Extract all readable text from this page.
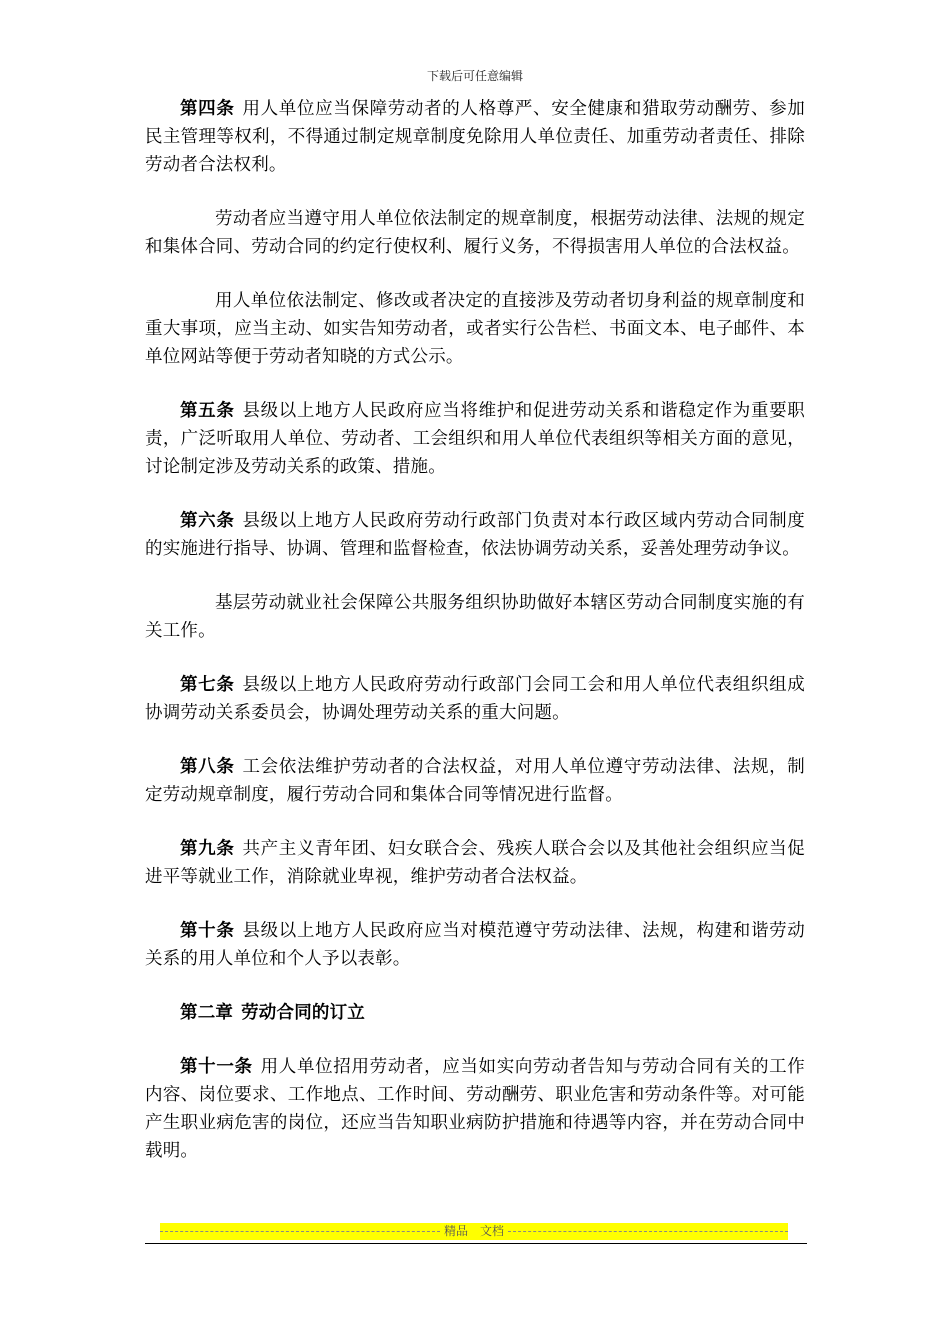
下载后可任意编辑

第四条 用人单位应当保障劳动者的人格尊严、安全健康和猎取劳动酬劳、参加民主管理等权利，不得通过制定规章制度免除用人单位责任、加重劳动者责任、排除劳动者合法权利。

劳动者应当遵守用人单位依法制定的规章制度，根据劳动法律、法规的规定和集体合同、劳动合同的约定行使权利、履行义务，不得损害用人单位的合法权益。

用人单位依法制定、修改或者决定的直接涉及劳动者切身利益的规章制度和重大事项，应当主动、如实告知劳动者，或者实行公告栏、书面文本、电子邮件、本单位网站等便于劳动者知晓的方式公示。

第五条 县级以上地方人民政府应当将维护和促进劳动关系和谐稳定作为重要职责，广泛听取用人单位、劳动者、工会组织和用人单位代表组织等相关方面的意见，讨论制定涉及劳动关系的政策、措施。

第六条 县级以上地方人民政府劳动行政部门负责对本行政区域内劳动合同制度的实施进行指导、协调、管理和监督检查，依法协调劳动关系，妥善处理劳动争议。

基层劳动就业社会保障公共服务组织协助做好本辖区劳动合同制度实施的有关工作。

第七条 县级以上地方人民政府劳动行政部门会同工会和用人单位代表组织组成协调劳动关系委员会，协调处理劳动关系的重大问题。

第八条 工会依法维护劳动者的合法权益，对用人单位遵守劳动法律、法规，制定劳动规章制度，履行劳动合同和集体合同等情况进行监督。

第九条 共产主义青年团、妇女联合会、残疾人联合会以及其他社会组织应当促进平等就业工作，消除就业卑视，维护劳动者合法权益。

第十条 县级以上地方人民政府应当对模范遵守劳动法律、法规，构建和谐劳动关系的用人单位和个人予以表彰。

第二章 劳动合同的订立

第十一条 用人单位招用劳动者，应当如实向劳动者告知与劳动合同有关的工作内容、岗位要求、工作地点、工作时间、劳动酬劳、职业危害和劳动条件等。对可能产生职业病危害的岗位，还应当告知职业病防护措施和待遇等内容，并在劳动合同中载明。

精品　文档
